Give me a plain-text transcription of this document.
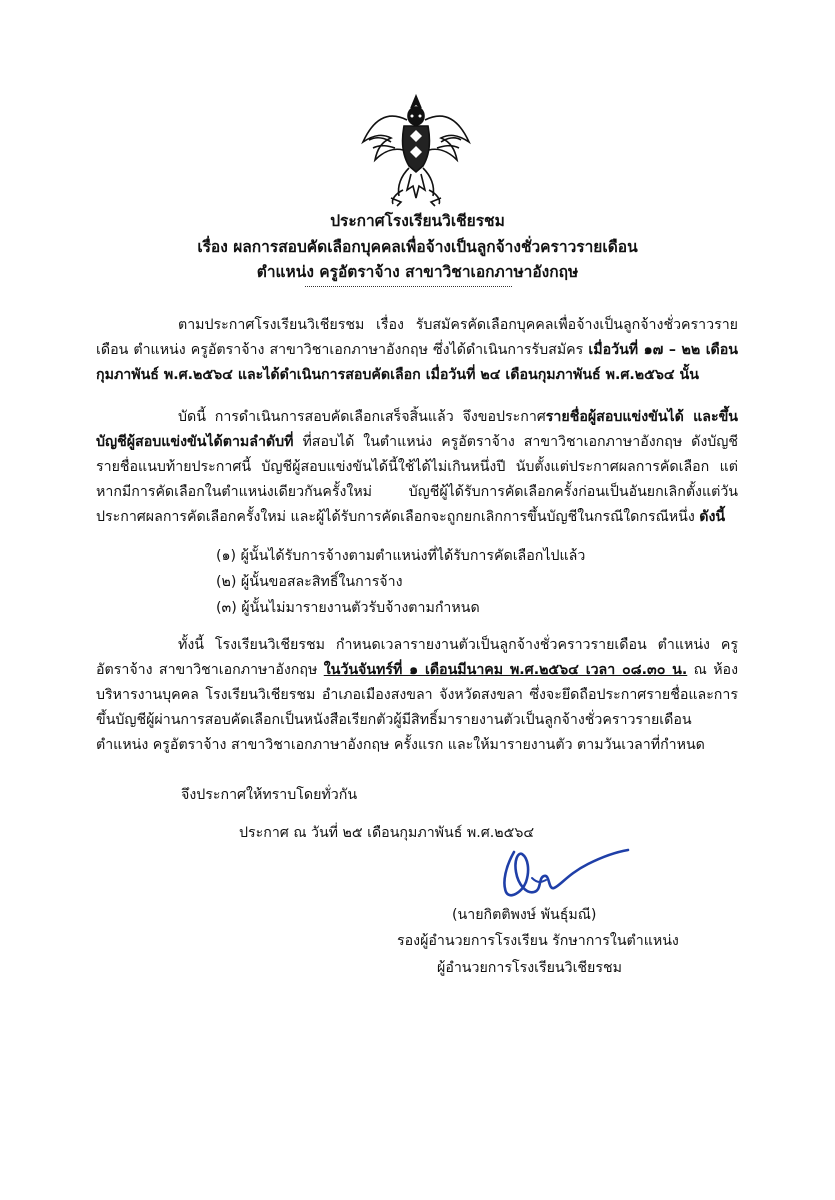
ประกาศโรงเรียนวิเชียรชม
เรื่อง ผลการสอบคัดเลือกบุคคลเพื่อจ้างเป็นลูกจ้างชั่วคราวรายเดือน
ตำแหน่ง ครูอัตราจ้าง สาขาวิชาเอกภาษาอังกฤษ
ตามประกาศโรงเรียนวิเชียรชม เรื่อง รับสมัครคัดเลือกบุคคลเพื่อจ้างเป็นลูกจ้างชั่วคราวรายเดือน ตำแหน่ง ครูอัตราจ้าง สาขาวิชาเอกภาษาอังกฤษ ซึ่งได้ดำเนินการรับสมัคร เมื่อวันที่ ๑๗ – ๒๒ เดือนกุมภาพันธ์ พ.ศ.๒๕๖๔ และได้ดำเนินการสอบคัดเลือก เมื่อวันที่ ๒๔ เดือนกุมภาพันธ์ พ.ศ.๒๕๖๔ นั้น
บัดนี้ การดำเนินการสอบคัดเลือกเสร็จสิ้นแล้ว จึงขอประกาศรายชื่อผู้สอบแข่งขันได้ และขึ้นบัญชีผู้สอบแข่งขันได้ตามลำดับที่ ที่สอบได้ ในตำแหน่ง ครูอัตราจ้าง สาขาวิชาเอกภาษาอังกฤษ ดังบัญชีรายชื่อแนบท้ายประกาศนี้ บัญชีผู้สอบแข่งขันได้นี้ใช้ได้ไม่เกินหนึ่งปี นับตั้งแต่ประกาศผลการคัดเลือก แต่หากมีการคัดเลือกในตำแหน่งเดียวกันครั้งใหม่ บัญชีผู้ได้รับการคัดเลือกครั้งก่อนเป็นอันยกเลิกตั้งแต่วันประกาศผลการคัดเลือกครั้งใหม่ และผู้ได้รับการคัดเลือกจะถูกยกเลิกการขึ้นบัญชีในกรณีใดกรณีหนึ่ง ดังนี้
(๑) ผู้นั้นได้รับการจ้างตามตำแหน่งที่ได้รับการคัดเลือกไปแล้ว
(๒) ผู้นั้นขอสละสิทธิ์ในการจ้าง
(๓) ผู้นั้นไม่มารายงานตัวรับจ้างตามกำหนด
ทั้งนี้ โรงเรียนวิเชียรชม กำหนดเวลารายงานตัวเป็นลูกจ้างชั่วคราวรายเดือน ตำแหน่ง ครูอัตราจ้าง สาขาวิชาเอกภาษาอังกฤษ ในวันจันทร์ที่ ๑ เดือนมีนาคม พ.ศ.๒๕๖๔ เวลา ๐๘.๓๐ น. ณ ห้องบริหารงานบุคคล โรงเรียนวิเชียรชม อำเภอเมืองสงขลา จังหวัดสงขลา ซึ่งจะยึดถือประกาศรายชื่อและการขึ้นบัญชีผู้ผ่านการสอบคัดเลือกเป็นหนังสือเรียกตัวผู้มีสิทธิ์มารายงานตัวเป็นลูกจ้างชั่วคราวรายเดือน ตำแหน่ง ครูอัตราจ้าง สาขาวิชาเอกภาษาอังกฤษ ครั้งแรก และให้มารายงานตัว ตามวันเวลาที่กำหนด
จึงประกาศให้ทราบโดยทั่วกัน
ประกาศ ณ วันที่ ๒๕ เดือนกุมภาพันธ์ พ.ศ.๒๕๖๔
(นายกิตติพงษ์ พันธุ์มณี)
รองผู้อำนวยการโรงเรียน รักษาการในตำแหน่ง
ผู้อำนวยการโรงเรียนวิเชียรชม
